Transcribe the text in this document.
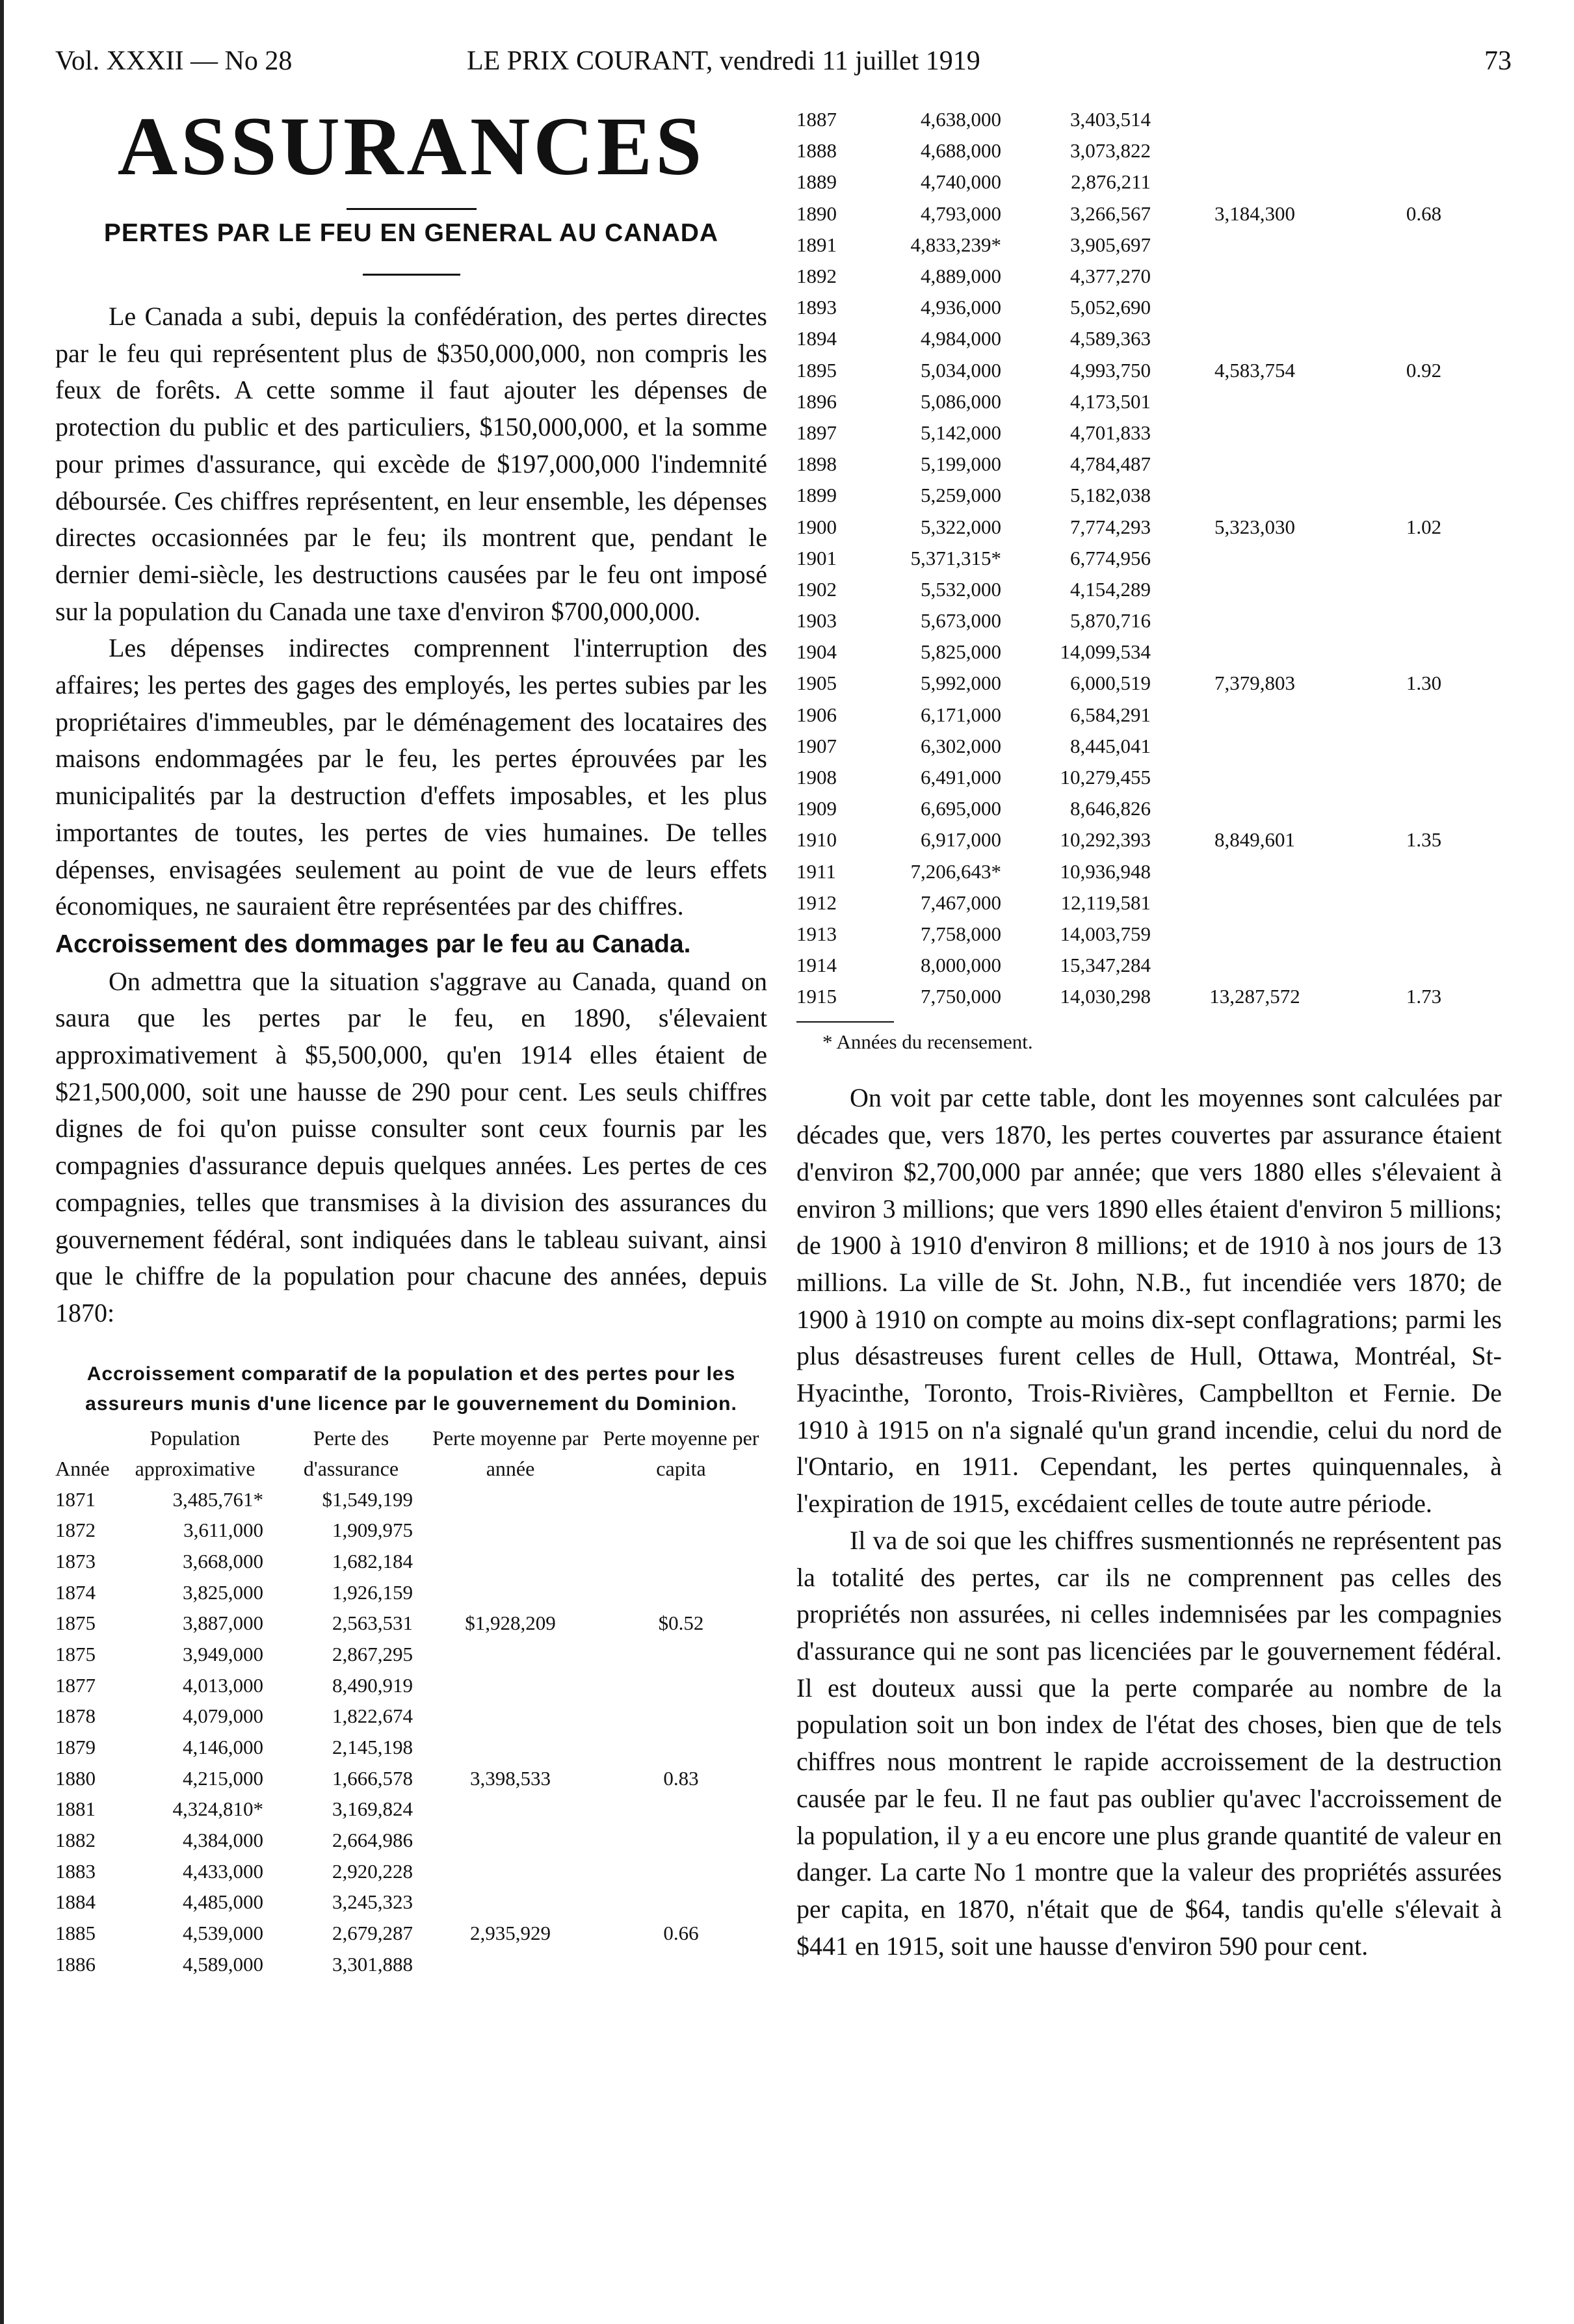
Vol. XXXII — No 28	LE PRIX COURANT, vendredi 11 juillet 1919	73
ASSURANCES
PERTES PAR LE FEU EN GENERAL AU CANADA

Le Canada a subi, depuis la confédération, des pertes directes par le feu qui représentent plus de $350,000,000, non compris les feux de forêts. A cette somme il faut ajouter les dépenses de protection du public et des particuliers, $150,000,000, et la somme pour primes d'assurance, qui excède de $197,000,000 l'indemnité déboursée. Ces chiffres représentent, en leur ensemble, les dépenses directes occasionnées par le feu; ils montrent que, pendant le dernier demi-siècle, les destructions causées par le feu ont imposé sur la population du Canada une taxe d'environ $700,000,000.

Les dépenses indirectes comprennent l'interruption des affaires; les pertes des gages des employés, les pertes subies par les propriétaires d'immeubles, par le déménagement des locataires des maisons endommagées par le feu, les pertes éprouvées par les municipalités par la destruction d'effets imposables, et les plus importantes de toutes, les pertes de vies humaines. De telles dépenses, envisagées seulement au point de vue de leurs effets économiques, ne sauraient être représentées par des chiffres.

Accroissement des dommages par le feu au Canada.

On admettra que la situation s'aggrave au Canada, quand on saura que les pertes par le feu, en 1890, s'élevaient approximativement à $5,500,000, qu'en 1914 elles étaient de $21,500,000, soit une hausse de 290 pour cent. Les seuls chiffres dignes de foi qu'on puisse consulter sont ceux fournis par les compagnies d'assurance depuis quelques années. Les pertes de ces compagnies, telles que transmises à la division des assurances du gouvernement fédéral, sont indiquées dans le tableau suivant, ainsi que le chiffre de la population pour chacune des années, depuis 1870:

Accroissement comparatif de la population et des pertes pour les assureurs munis d'une licence par le gouvernement du Dominion.

Année	Population approximative	Perte des d'assurance	Perte moyenne par année	Perte moyenne per capita
1871	3,485,761*	$1,549,199		
1872	3,611,000	1,909,975		
1873	3,668,000	1,682,184		
1874	3,825,000	1,926,159		
1875	3,887,000	2,563,531	$1,928,209	$0.52
1875	3,949,000	2,867,295		
1877	4,013,000	8,490,919		
1878	4,079,000	1,822,674		
1879	4,146,000	2,145,198		
1880	4,215,000	1,666,578	3,398,533	0.83
1881	4,324,810*	3,169,824		
1882	4,384,000	2,664,986		
1883	4,433,000	2,920,228		
1884	4,485,000	3,245,323		
1885	4,539,000	2,679,287	2,935,929	0.66
1886	4,589,000	3,301,888		
1887	4,638,000	3,403,514		
1888	4,688,000	3,073,822		
1889	4,740,000	2,876,211		
1890	4,793,000	3,266,567	3,184,300	0.68
1891	4,833,239*	3,905,697		
1892	4,889,000	4,377,270		
1893	4,936,000	5,052,690		
1894	4,984,000	4,589,363		
1895	5,034,000	4,993,750	4,583,754	0.92
1896	5,086,000	4,173,501		
1897	5,142,000	4,701,833		
1898	5,199,000	4,784,487		
1899	5,259,000	5,182,038		
1900	5,322,000	7,774,293	5,323,030	1.02
1901	5,371,315*	6,774,956		
1902	5,532,000	4,154,289		
1903	5,673,000	5,870,716		
1904	5,825,000	14,099,534		
1905	5,992,000	6,000,519	7,379,803	1.30
1906	6,171,000	6,584,291		
1907	6,302,000	8,445,041		
1908	6,491,000	10,279,455		
1909	6,695,000	8,646,826		
1910	6,917,000	10,292,393	8,849,601	1.35
1911	7,206,643*	10,936,948		
1912	7,467,000	12,119,581		
1913	7,758,000	14,003,759		
1914	8,000,000	15,347,284		
1915	7,750,000	14,030,298	13,287,572	1.73
* Années du recensement.

On voit par cette table, dont les moyennes sont calculées par décades que, vers 1870, les pertes couvertes par assurance étaient d'environ $2,700,000 par année; que vers 1880 elles s'élevaient à environ 3 millions; que vers 1890 elles étaient d'environ 5 millions; de 1900 à 1910 d'environ 8 millions; et de 1910 à nos jours de 13 millions. La ville de St. John, N.B., fut incendiée vers 1870; de 1900 à 1910 on compte au moins dix-sept conflagrations; parmi les plus désastreuses furent celles de Hull, Ottawa, Montréal, St-Hyacinthe, Toronto, Trois-Rivières, Campbellton et Fernie. De 1910 à 1915 on n'a signalé qu'un grand incendie, celui du nord de l'Ontario, en 1911. Cependant, les pertes quinquennales, à l'expiration de 1915, excédaient celles de toute autre période.

Il va de soi que les chiffres susmentionnés ne représentent pas la totalité des pertes, car ils ne comprennent pas celles des propriétés non assurées, ni celles indemnisées par les compagnies d'assurance qui ne sont pas licenciées par le gouvernement fédéral. Il est douteux aussi que la perte comparée au nombre de la population soit un bon index de l'état des choses, bien que de tels chiffres nous montrent le rapide accroissement de la destruction causée par le feu. Il ne faut pas oublier qu'avec l'accroissement de la population, il y a eu encore une plus grande quantité de valeur en danger. La carte No 1 montre que la valeur des propriétés assurées per capita, en 1870, n'était que de $64, tandis qu'elle s'élevait à $441 en 1915, soit une hausse d'environ 590 pour cent.
